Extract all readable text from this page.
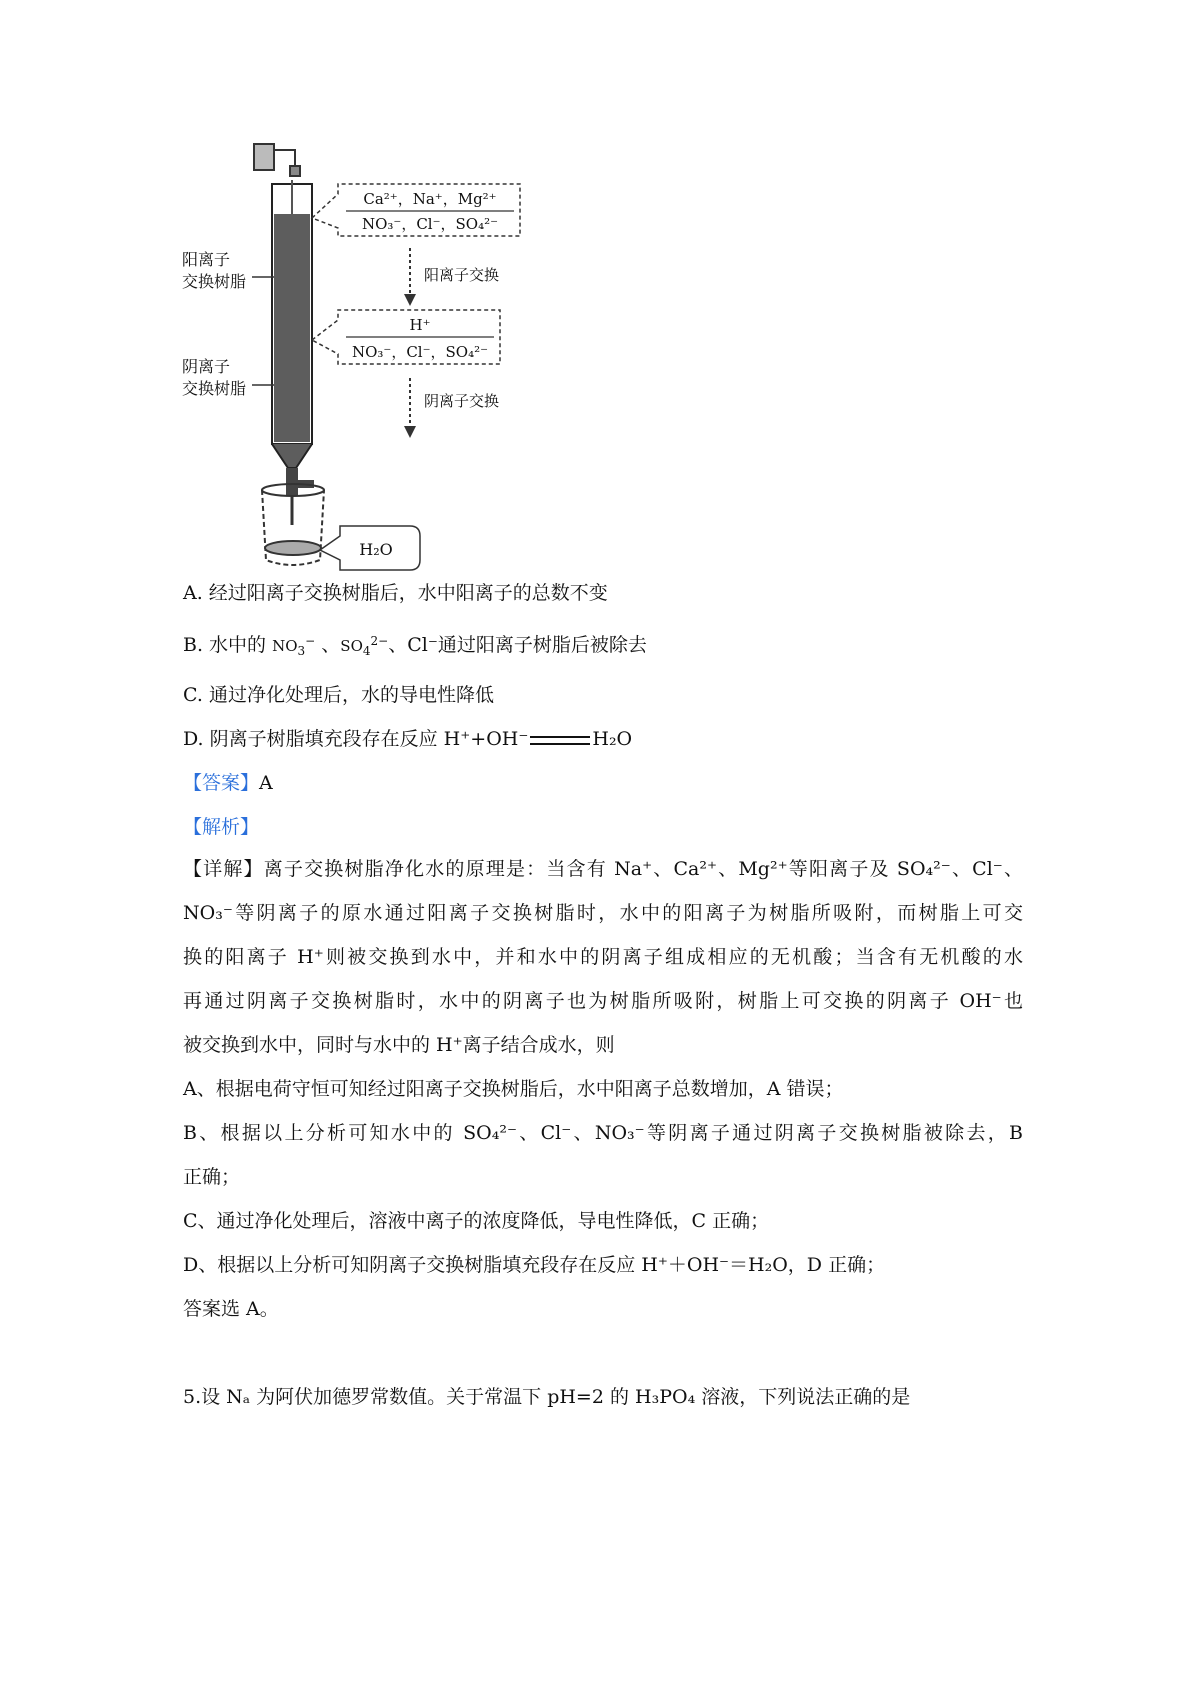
阳离子
交换树脂
阴离子
交换树脂
Ca²⁺，Na⁺，Mg²⁺
NO₃⁻，Cl⁻，SO₄²⁻
阳离子交换
H⁺
NO₃⁻，Cl⁻，SO₄²⁻
阴离子交换
H₂O
A. 经过阳离子交换树脂后，水中阳离子的总数不变
B. 水中的 $NO_3^-$ 、$SO_4^{2-}$、Cl⁻通过阳离子树脂后被除去
C. 通过净化处理后，水的导电性降低
D. 阴离子树脂填充段存在反应 H⁺+OH⁻	H₂O
【答案】A
【解析】
【详解】离子交换树脂净化水的原理是：当含有 Na⁺、Ca²⁺、Mg²⁺等阳离子及 SO₄²⁻、Cl⁻、
NO₃⁻等阴离子的原水通过阳离子交换树脂时，水中的阳离子为树脂所吸附，而树脂上可交
换的阳离子 H⁺则被交换到水中，并和水中的阴离子组成相应的无机酸；当含有无机酸的水
再通过阴离子交换树脂时，水中的阴离子也为树脂所吸附，树脂上可交换的阴离子 OH⁻也
被交换到水中，同时与水中的 H⁺离子结合成水，则
A、根据电荷守恒可知经过阳离子交换树脂后，水中阳离子总数增加，A 错误；
B、根据以上分析可知水中的 SO₄²⁻、Cl⁻、NO₃⁻等阴离子通过阴离子交换树脂被除去，B
正确；
C、通过净化处理后，溶液中离子的浓度降低，导电性降低，C 正确；
D、根据以上分析可知阴离子交换树脂填充段存在反应 H⁺＋OH⁻＝H₂O，D 正确；
答案选 A。
5.设 Nₐ 为阿伏加德罗常数值。关于常温下 pH=2 的 H₃PO₄ 溶液，下列说法正确的是
